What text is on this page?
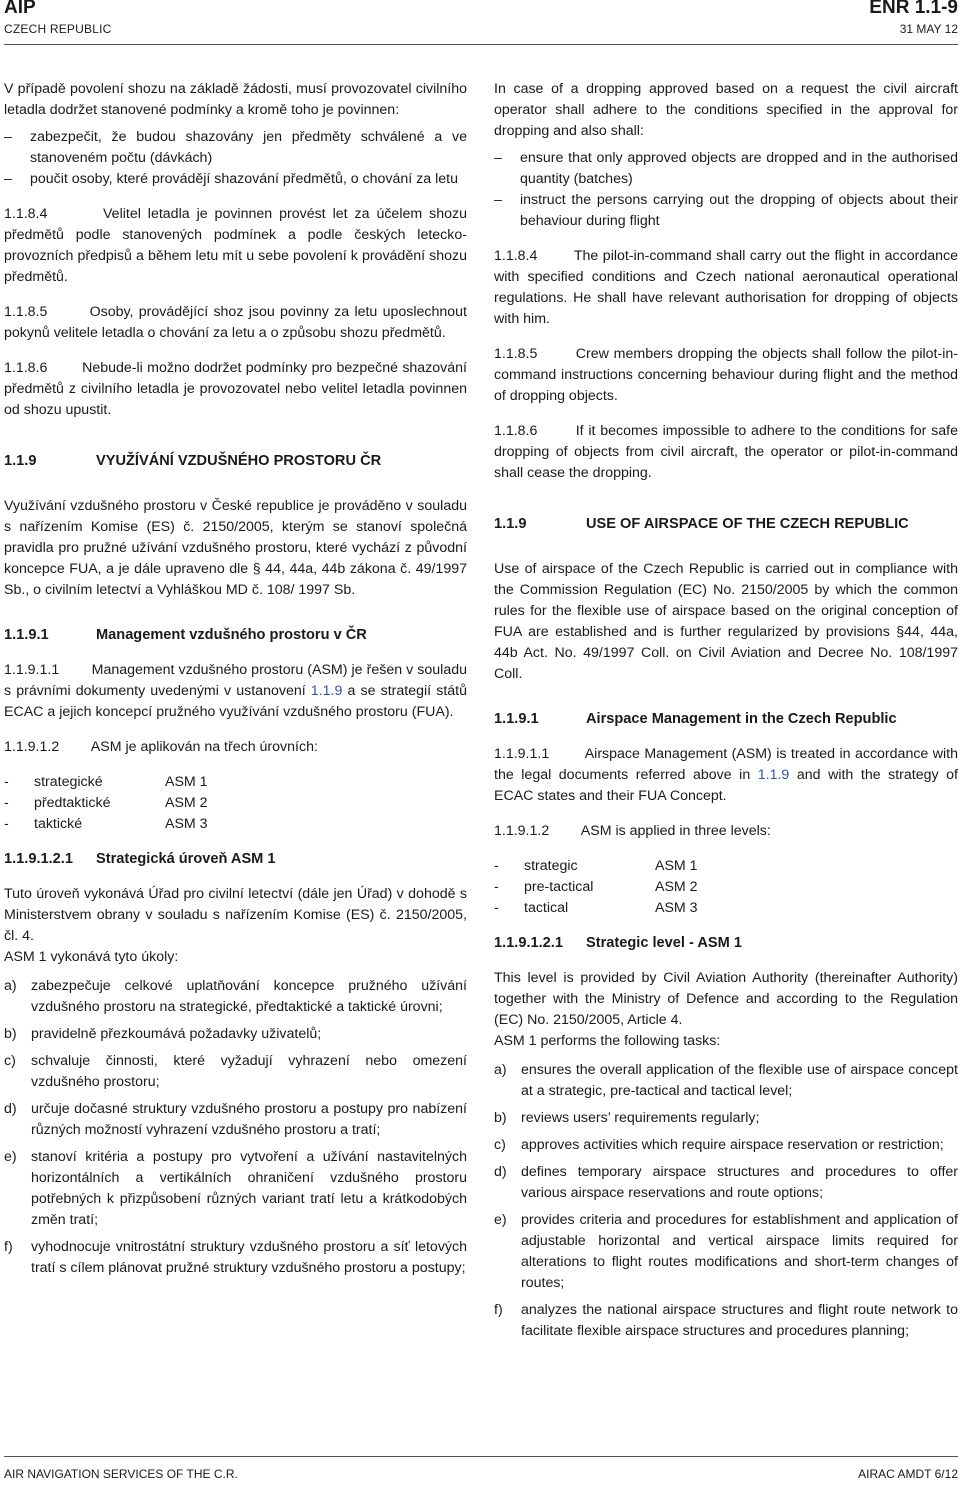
AIP
CZECH REPUBLIC
ENR 1.1-9
31 MAY 12

V případě povolení shozu na základě žádosti, musí provozovatel civilního letadla dodržet stanovené podmínky a kromě toho je povinnen:

–
zabezpečit, že budou shazovány jen předměty schválené a ve stanoveném počtu (dávkách)
–
poučit osoby, které provádějí shazování předmětů, o chování za letu

1.1.8.4	Velitel letadla je povinnen provést let za účelem shozu předmětů podle stanovených podmínek a podle českých letecko-provozních předpisů a během letu mít u sebe povolení k provádění shozu předmětů.

1.1.8.5	Osoby, provádějící shoz jsou povinny za letu uposlechnout pokynů velitele letadla o chování za letu a o způsobu shozu předmětů.

1.1.8.6 Nebude-li možno dodržet podmínky pro bezpečné shazování předmětů z civilního letadla je provozovatel nebo velitel letadla povinnen od shozu upustit.

1.1.9	VYUŽÍVÁNÍ VZDUŠNÉHO PROSTORU ČR

Využívání vzdušného prostoru v České republice je prováděno v souladu s nařízením Komise (ES) č. 2150/2005, kterým se stanoví společná pravidla pro pružné užívání vzdušného prostoru, které vychází z původní koncepce FUA, a je dále upraveno dle § 44, 44a, 44b zákona č. 49/1997 Sb., o civilním letectví a Vyhláškou MD č. 108/ 1997 Sb.

1.1.9.1	Management vzdušného prostoru v ČR

1.1.9.1.1 Management vzdušného prostoru (ASM) je řešen v souladu s právními dokumenty uvedenými v ustanovení 1.1.9 a se strategií států ECAC a jejich koncepcí pružného využívání vzdušného prostoru (FUA).

1.1.9.1.2 ASM je aplikován na třech úrovních:

-	strategické	ASM 1
-	předtaktické	ASM 2
-	taktické	ASM 3
1.1.9.1.2.1	Strategická úroveň ASM 1

Tuto úroveň vykonává Úřad pro civilní letectví (dále jen Úřad) v dohodě s Ministerstvem obrany v souladu s nařízením Komise (ES) č. 2150/2005, čl. 4.

ASM 1 vykonává tyto úkoly:

a)	zabezpečuje celkové uplatňování koncepce pružného užívání vzdušného prostoru na strategické, předtaktické a taktické úrovni;
b)	pravidelně přezkoumává požadavky uživatelů;
c)	schvaluje činnosti, které vyžadují vyhrazení nebo omezení vzdušného prostoru;
d)	určuje dočasné struktury vzdušného prostoru a postupy pro nabízení různých možností vyhrazení vzdušného prostoru a tratí;
e)	stanoví kritéria a postupy pro vytvoření a užívání nastavitelných horizontálních a vertikálních ohraničení vzdušného prostoru potřebných k přizpůsobení různých variant tratí letu a krátkodobých změn tratí;
f)	vyhodnocuje vnitrostátní struktury vzdušného prostoru a síť letových tratí s cílem plánovat pružné struktury vzdušného prostoru a postupy;

In case of a dropping approved based on a request the civil aircraft operator shall adhere to the conditions specified in the approval for dropping and also shall:

–
ensure that only approved objects are dropped and in the authorised quantity (batches)
–
instruct the persons carrying out the dropping of objects about their behaviour during flight

1.1.8.4	The pilot-in-command shall carry out the flight in accordance with specified conditions and Czech national aeronautical operational regulations. He shall have relevant authorisation for dropping of objects with him.

1.1.8.5	Crew members dropping the objects shall follow the pilot-in-command instructions concerning behaviour during flight and the method of dropping objects.

1.1.8.6	If it becomes impossible to adhere to the conditions for safe dropping of objects from civil aircraft, the operator or pilot-in-command shall cease the dropping.

1.1.9	USE OF AIRSPACE OF THE CZECH REPUBLIC

Use of airspace of the Czech Republic is carried out in compliance with the Commission Regulation (EC) No. 2150/2005 by which the common rules for the flexible use of airspace based on the original conception of FUA are established and is further regularized by provisions §44, 44a, 44b Act. No. 49/1997 Coll. on Civil Aviation and Decree No. 108/1997 Coll.

1.1.9.1	Airspace Management in the Czech Republic

1.1.9.1.1 Airspace Management (ASM) is treated in accordance with the legal documents referred above in 1.1.9 and with the strategy of ECAC states and their FUA Concept.

1.1.9.1.2 ASM is applied in three levels:

-	strategic	ASM 1
-	pre-tactical	ASM 2
-	tactical	ASM 3
1.1.9.1.2.1	Strategic level - ASM 1

This level is provided by Civil Aviation Authority (thereinafter Authority) together with the Ministry of Defence and according to the Regulation (EC) No. 2150/2005, Article 4.

ASM 1 performs the following tasks:

a)	ensures the overall application of the flexible use of airspace concept at a strategic, pre-tactical and tactical level;
b)	reviews users’ requirements regularly;
c)	approves activities which require airspace reservation or restriction;
d)	defines temporary airspace structures and procedures to offer various airspace reservations and route options;
e)	provides criteria and procedures for establishment and application of adjustable horizontal and vertical airspace limits required for alterations to flight routes modifications and short-term changes of routes;
f)	analyzes the national airspace structures and flight route network to facilitate flexible airspace structures and procedures planning;
AIR NAVIGATION SERVICES OF THE C.R.	AIRAC AMDT 6/12
